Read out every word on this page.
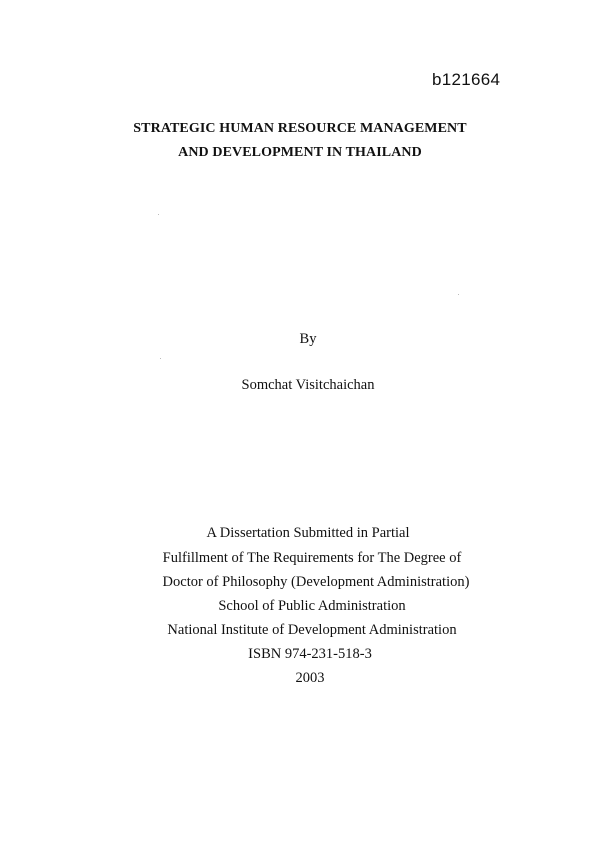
b121664
STRATEGIC HUMAN RESOURCE MANAGEMENT
AND DEVELOPMENT IN THAILAND
By
Somchat Visitchaichan
A Dissertation Submitted in Partial
Fulfillment of The Requirements for The Degree of
Doctor of Philosophy (Development Administration)
School of Public Administration
National Institute of Development Administration
ISBN 974-231-518-3
2003
